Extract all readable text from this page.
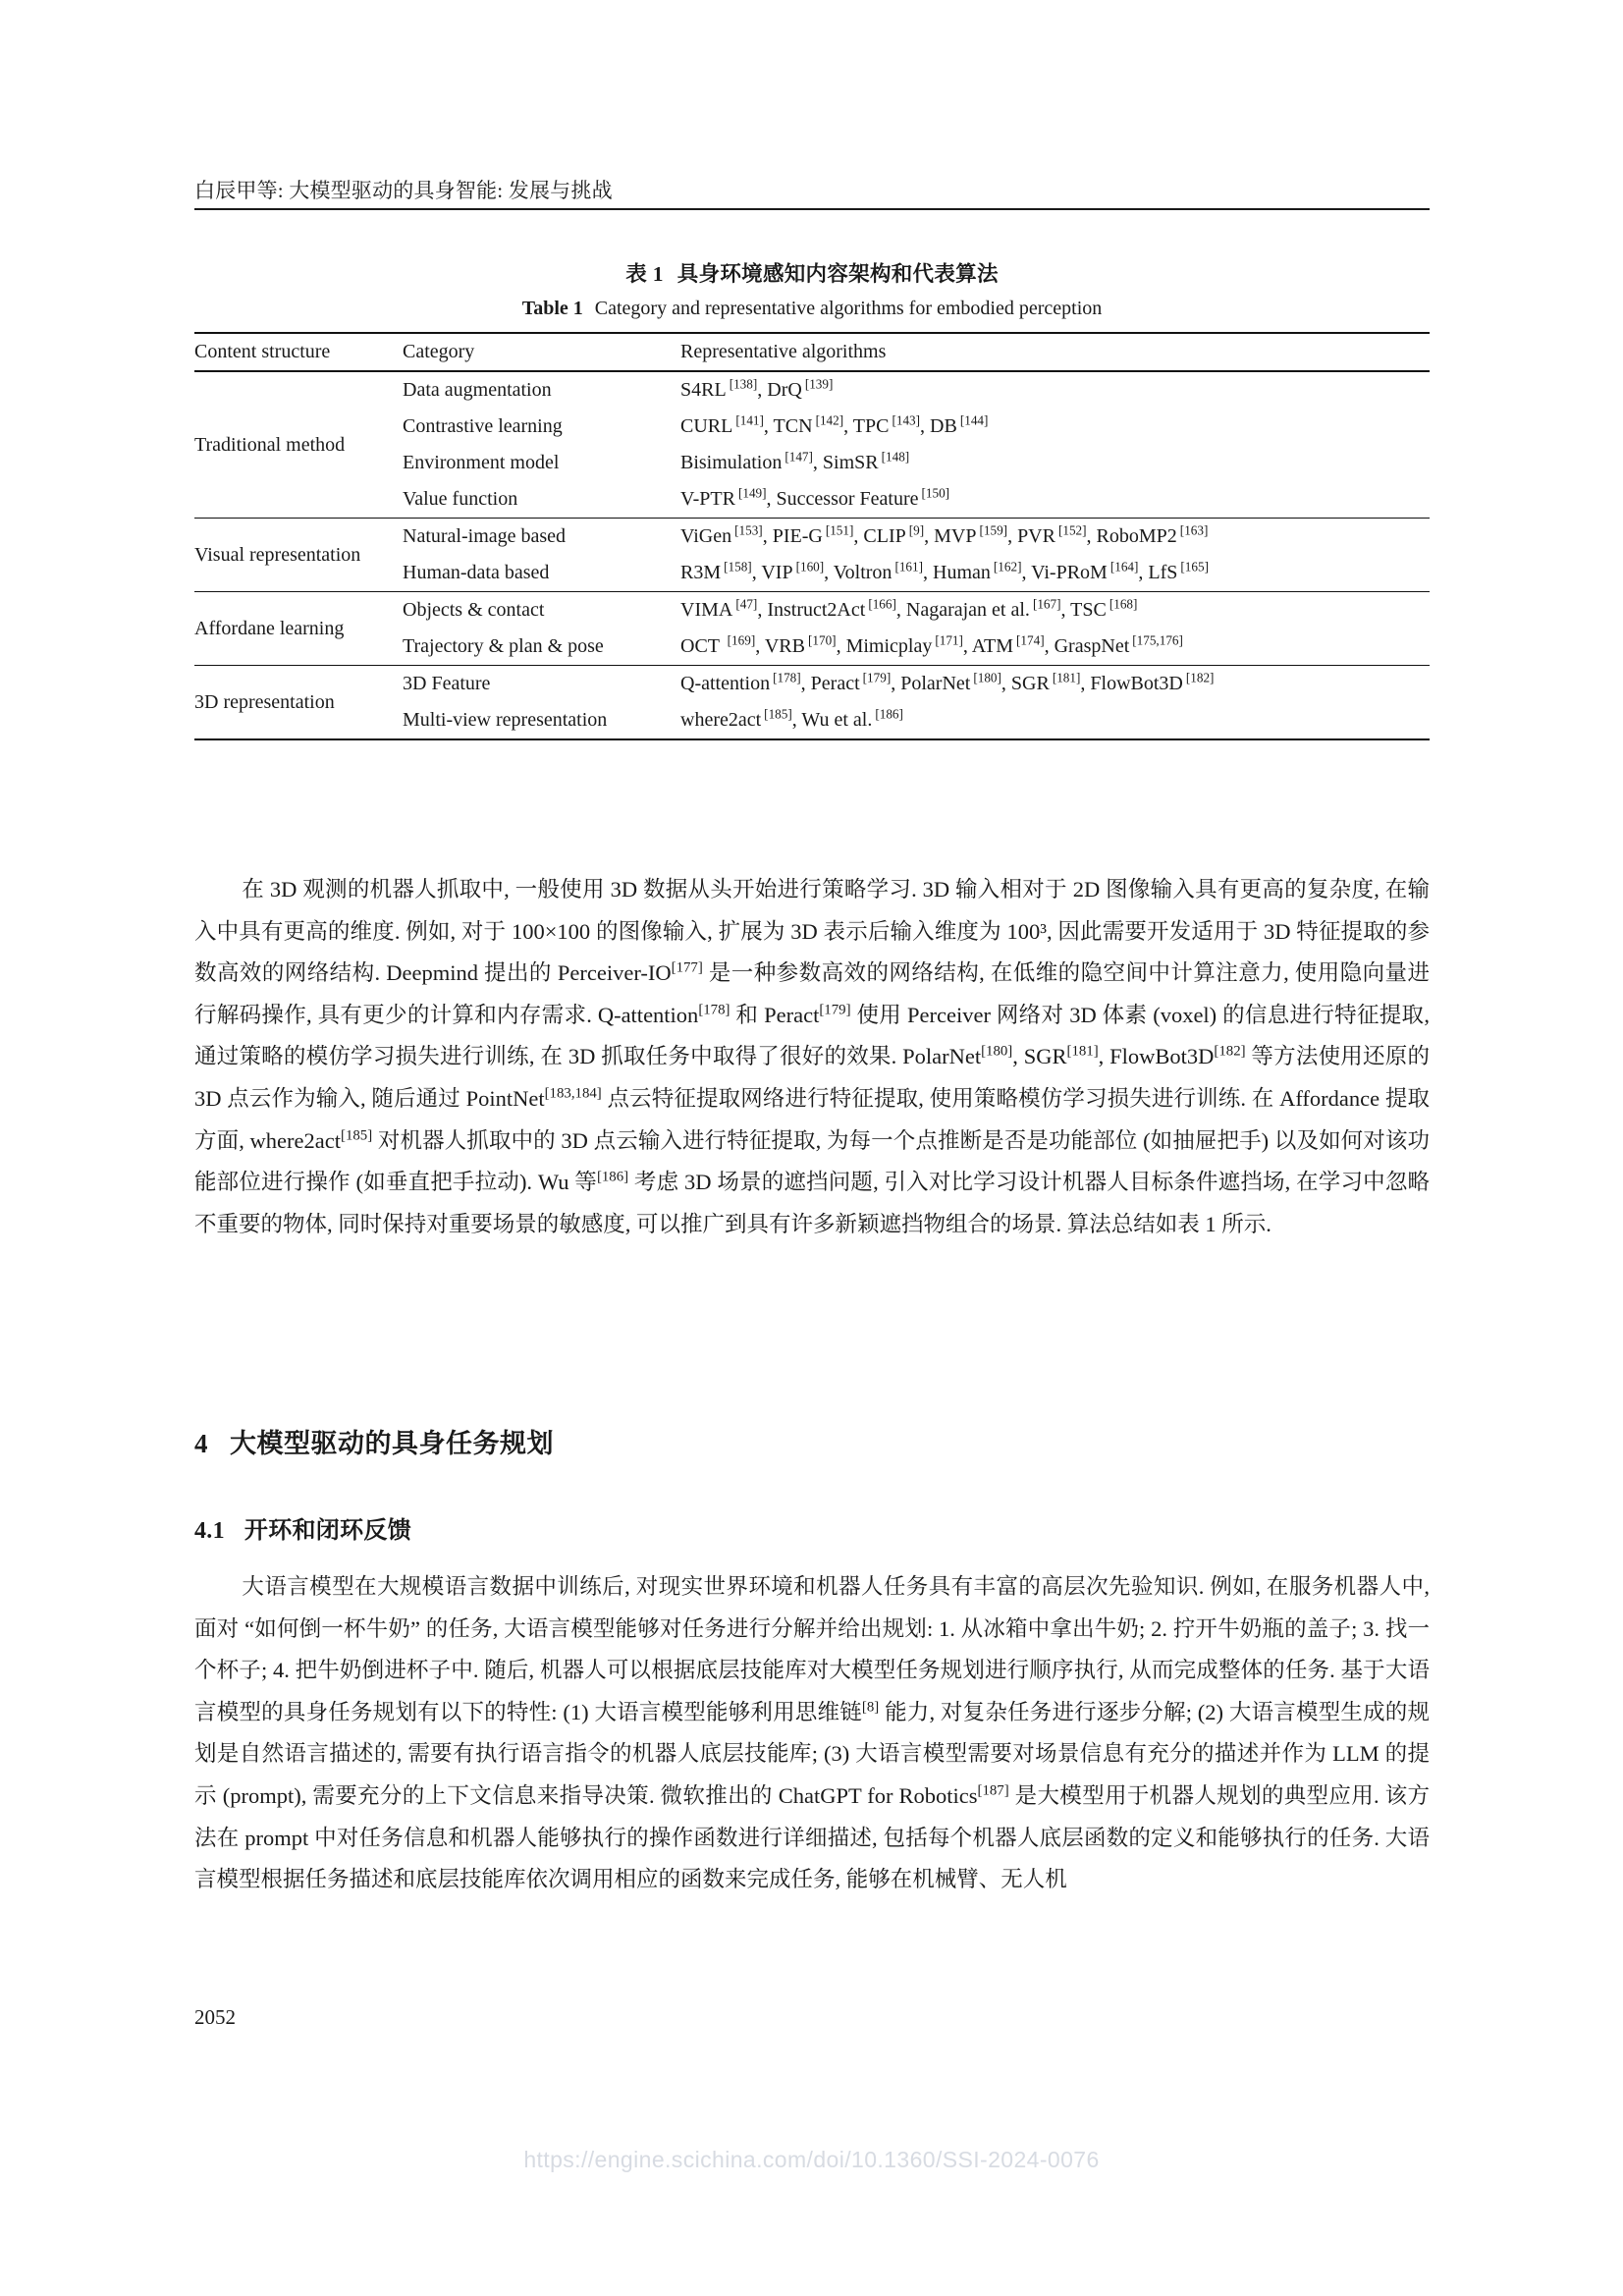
白辰甲等: 大模型驱动的具身智能: 发展与挑战
表 1 具身环境感知内容架构和代表算法
Table 1 Category and representative algorithms for embodied perception
Content structure	Category	Representative algorithms
Traditional method	Data augmentation	S4RL [138], DrQ [139]
	Contrastive learning	CURL [141], TCN [142], TPC [143], DB [144]
	Environment model	Bisimulation [147], SimSR [148]
	Value function	V-PTR [149], Successor Feature [150]
Visual representation	Natural-image based	ViGen [153], PIE-G [151], CLIP [9], MVP [159], PVR [152], RoboMP2 [163]
	Human-data based	R3M [158], VIP [160], Voltron [161], Human [162], Vi-PRoM [164], LfS [165]
Affordane learning	Objects & contact	VIMA [47], Instruct2Act [166], Nagarajan et al. [167], TSC [168]
	Trajectory & plan & pose	OCT [169], VRB [170], Mimicplay [171], ATM [174], GraspNet [175,176]
3D representation	3D Feature	Q-attention [178], Peract [179], PolarNet [180], SGR [181], FlowBot3D [182]
	Multi-view representation	where2act [185], Wu et al. [186]

在 3D 观测的机器人抓取中, 一般使用 3D 数据从头开始进行策略学习. 3D 输入相对于 2D 图像输入具有更高的复杂度, 在输入中具有更高的维度. 例如, 对于 100×100 的图像输入, 扩展为 3D 表示后输入维度为 100³, 因此需要开发适用于 3D 特征提取的参数高效的网络结构. Deepmind 提出的 Perceiver-IO[177] 是一种参数高效的网络结构, 在低维的隐空间中计算注意力, 使用隐向量进行解码操作, 具有更少的计算和内存需求. Q-attention[178] 和 Peract[179] 使用 Perceiver 网络对 3D 体素 (voxel) 的信息进行特征提取, 通过策略的模仿学习损失进行训练, 在 3D 抓取任务中取得了很好的效果. PolarNet[180], SGR[181], FlowBot3D[182] 等方法使用还原的 3D 点云作为输入, 随后通过 PointNet[183,184] 点云特征提取网络进行特征提取, 使用策略模仿学习损失进行训练. 在 Affordance 提取方面, where2act[185] 对机器人抓取中的 3D 点云输入进行特征提取, 为每一个点推断是否是功能部位 (如抽屉把手) 以及如何对该功能部位进行操作 (如垂直把手拉动). Wu 等[186] 考虑 3D 场景的遮挡问题, 引入对比学习设计机器人目标条件遮挡场, 在学习中忽略不重要的物体, 同时保持对重要场景的敏感度, 可以推广到具有许多新颖遮挡物组合的场景. 算法总结如表 1 所示.
4 大模型驱动的具身任务规划
4.1 开环和闭环反馈
大语言模型在大规模语言数据中训练后, 对现实世界环境和机器人任务具有丰富的高层次先验知识. 例如, 在服务机器人中, 面对 “如何倒一杯牛奶” 的任务, 大语言模型能够对任务进行分解并给出规划: 1. 从冰箱中拿出牛奶; 2. 拧开牛奶瓶的盖子; 3. 找一个杯子; 4. 把牛奶倒进杯子中. 随后, 机器人可以根据底层技能库对大模型任务规划进行顺序执行, 从而完成整体的任务. 基于大语言模型的具身任务规划有以下的特性: (1) 大语言模型能够利用思维链[8] 能力, 对复杂任务进行逐步分解; (2) 大语言模型生成的规划是自然语言描述的, 需要有执行语言指令的机器人底层技能库; (3) 大语言模型需要对场景信息有充分的描述并作为 LLM 的提示 (prompt), 需要充分的上下文信息来指导决策. 微软推出的 ChatGPT for Robotics[187] 是大模型用于机器人规划的典型应用. 该方法在 prompt 中对任务信息和机器人能够执行的操作函数进行详细描述, 包括每个机器人底层函数的定义和能够执行的任务. 大语言模型根据任务描述和底层技能库依次调用相应的函数来完成任务, 能够在机械臂、无人机
2052
https://engine.scichina.com/doi/10.1360/SSI-2024-0076
